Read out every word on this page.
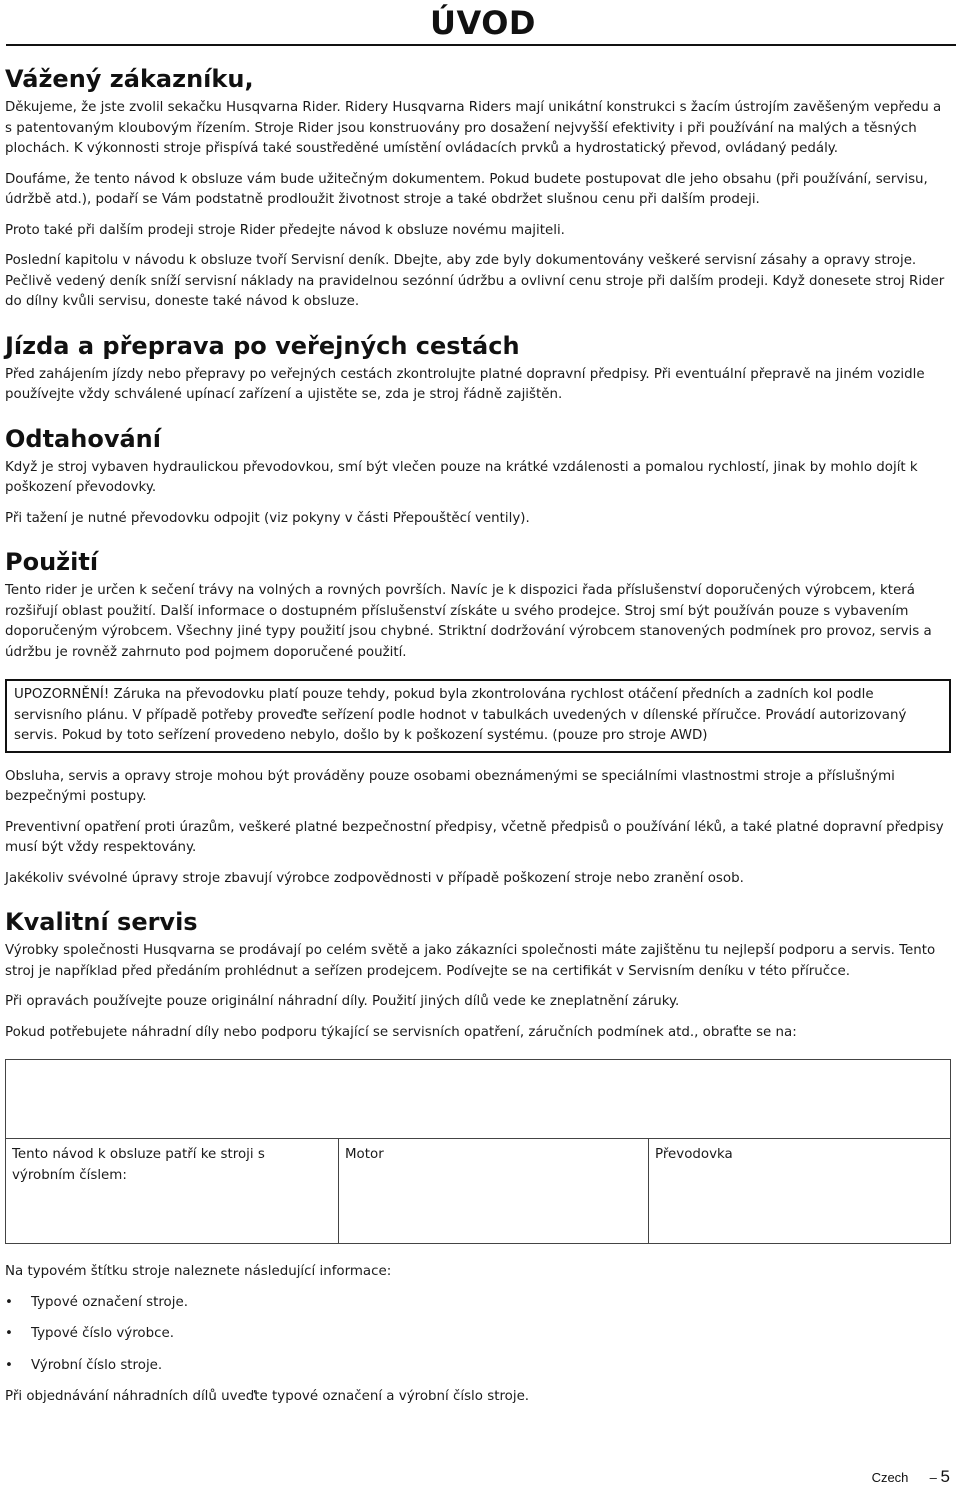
ÚVOD
Vážený zákazníku,

Děkujeme, že jste zvolil sekačku Husqvarna Rider. Ridery Husqvarna Riders mají unikátní konstrukci s žacím ústrojím zavěšeným vepředu a s patentovaným kloubovým řízením. Stroje Rider jsou konstruovány pro dosažení nejvyšší efektivity i při používání na malých a těsných plochách. K výkonnosti stroje přispívá také soustředěné umístění ovládacích prvků a hydrostatický převod, ovládaný pedály.

Doufáme, že tento návod k obsluze vám bude užitečným dokumentem. Pokud budete postupovat dle jeho obsahu (při používání, servisu, údržbě atd.), podaří se Vám podstatně prodloužit životnost stroje a také obdržet slušnou cenu při dalším prodeji.

Proto také při dalším prodeji stroje Rider předejte návod k obsluze novému majiteli.

Poslední kapitolu v návodu k obsluze tvoří Servisní deník. Dbejte, aby zde byly dokumentovány veškeré servisní zásahy a opravy stroje. Pečlivě vedený deník sníží servisní náklady na pravidelnou sezónní údržbu a ovlivní cenu stroje při dalším prodeji. Když donesete stroj Rider do dílny kvůli servisu, doneste také návod k obsluze.

Jízda a přeprava po veřejných cestách

Před zahájením jízdy nebo přepravy po veřejných cestách zkontrolujte platné dopravní předpisy. Při eventuální přepravě na jiném vozidle používejte vždy schválené upínací zařízení a ujistěte se, zda je stroj řádně zajištěn.

Odtahování

Když je stroj vybaven hydraulickou převodovkou, smí být vlečen pouze na krátké vzdálenosti a pomalou rychlostí, jinak by mohlo dojít k poškození převodovky.

Při tažení je nutné převodovku odpojit (viz pokyny v části Přepouštěcí ventily).

Použití

Tento rider je určen k sečení trávy na volných a rovných površích. Navíc je k dispozici řada příslušenství doporučených výrobcem, která rozšiřují oblast použití. Další informace o dostupném příslušenství získáte u svého prodejce. Stroj smí být používán pouze s vybavením doporučeným výrobcem. Všechny jiné typy použití jsou chybné. Striktní dodržování výrobcem stanovených podmínek pro provoz, servis a údržbu je rovněž zahrnuto pod pojmem doporučené použití.

UPOZORNĚNÍ! Záruka na převodovku platí pouze tehdy, pokud byla zkontrolována rychlost otáčení předních a zadních kol podle servisního plánu. V případě potřeby proveďte seřízení podle hodnot v tabulkách uvedených v dílenské příručce. Provádí autorizovaný servis. Pokud by toto seřízení provedeno nebylo, došlo by k poškození systému. (pouze pro stroje AWD)

Obsluha, servis a opravy stroje mohou být prováděny pouze osobami obeznámenými se speciálními vlastnostmi stroje a příslušnými bezpečnými postupy.

Preventivní opatření proti úrazům, veškeré platné bezpečnostní předpisy, včetně předpisů o používání léků, a také platné dopravní předpisy musí být vždy respektovány.

Jakékoliv svévolné úpravy stroje zbavují výrobce zodpovědnosti v případě poškození stroje nebo zranění osob.

Kvalitní servis

Výrobky společnosti Husqvarna se prodávají po celém světě a jako zákazníci společnosti máte zajištěnu tu nejlepší podporu a servis. Tento stroj je například před předáním prohlédnut a seřízen prodejcem. Podívejte se na certifikát v Servisním deníku v této příručce.

Při opravách používejte pouze originální náhradní díly. Použití jiných dílů vede ke zneplatnění záruky.

Pokud potřebujete náhradní díly nebo podporu týkající se servisních opatření, záručních podmínek atd., obraťte se na:

Tento návod k obsluze patří ke stroji s výrobním číslem:
Motor	Převodovka

Na typovém štítku stroje naleznete následující informace:

• Typové označení stroje.
• Typové číslo výrobce.
• Výrobní číslo stroje.

Při objednávání náhradních dílů uveďte typové označení a výrobní číslo stroje.

Czech – 5
